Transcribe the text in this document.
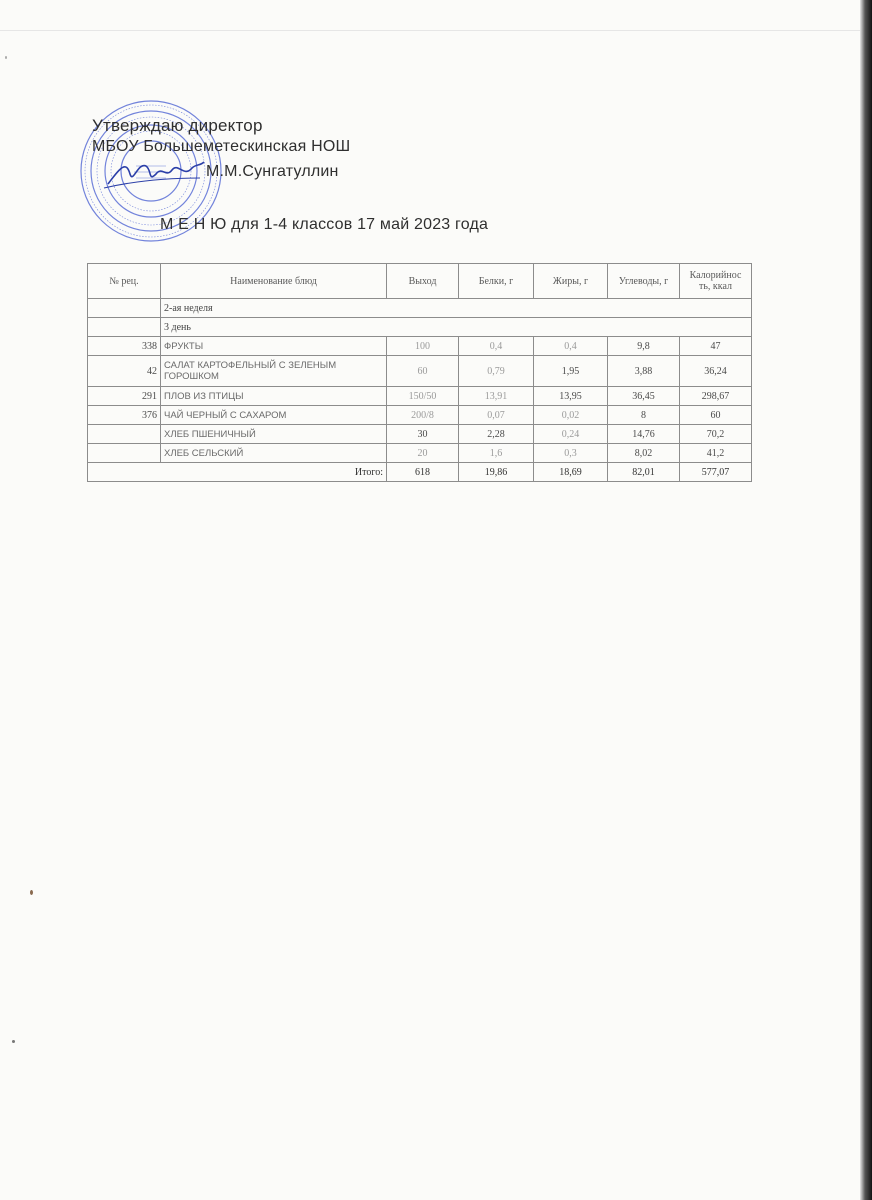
Утверждаю директор
МБОУ Большеметескинская НОШ
М.М.Сунгатуллин
М Е Н Ю для 1-4 классов 17 май 2023 года
№ рец.	Наименование блюд	Выход	Белки, г	Жиры, г	Углеводы, г	Калорийнос ть, ккал
	2-ая неделя					
	3 день					
338	ФРУКТЫ	100	0,4	0,4	9,8	47
42	САЛАТ КАРТОФЕЛЬНЫЙ С ЗЕЛЕНЫМ ГОРОШКОМ	60	0,79	1,95	3,88	36,24
291	ПЛОВ ИЗ ПТИЦЫ	150/50	13,91	13,95	36,45	298,67
376	ЧАЙ ЧЕРНЫЙ С САХАРОМ	200/8	0,07	0,02	8	60
	ХЛЕБ ПШЕНИЧНЫЙ	30	2,28	0,24	14,76	70,2
	ХЛЕБ СЕЛЬСКИЙ	20	1,6	0,3	8,02	41,2
Итого:		618	19,86	18,69	82,01	577,07
